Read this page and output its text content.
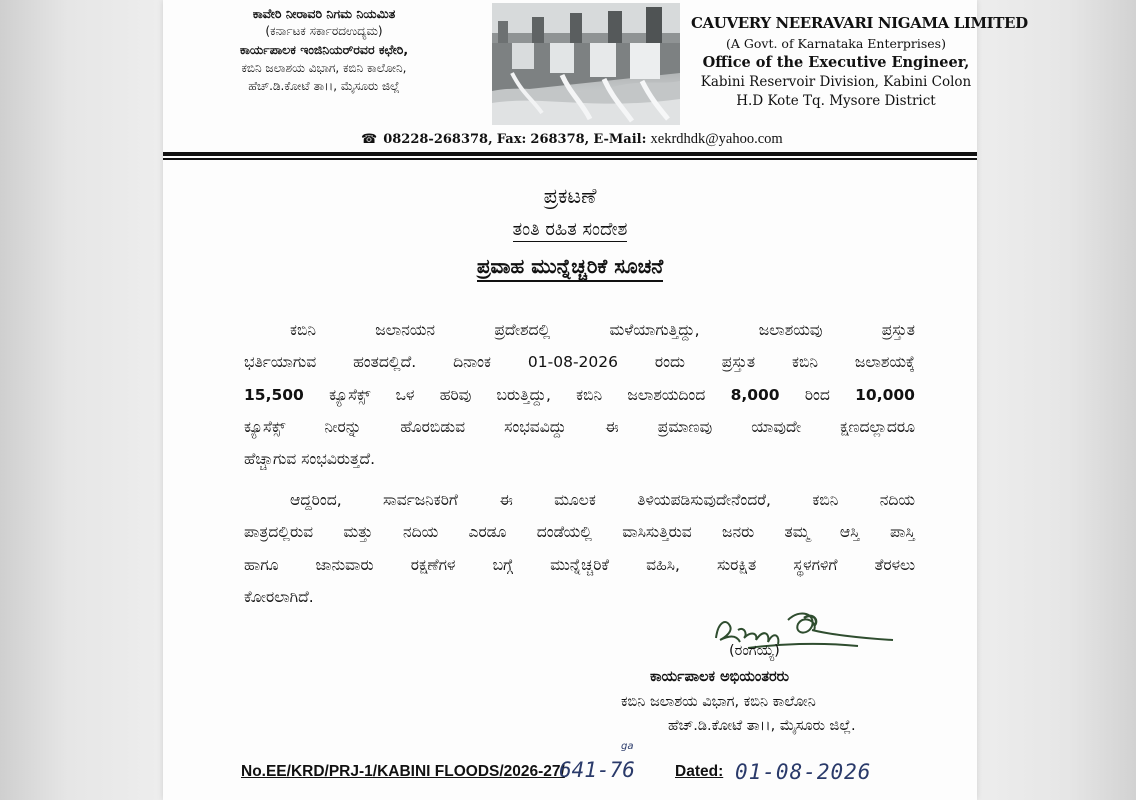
ಕಾವೇರಿ ನೀರಾವರಿ ನಿಗಮ ನಿಯಮಿತ
(ಕರ್ನಾಟಕ ಸರ್ಕಾರದಉದ್ಯಮ)
ಕಾರ್ಯಪಾಲಕ ಇಂಜಿನಿಯರ್‌ರವರ ಕಛೇರಿ,
ಕಬಿನಿ ಜಲಾಶಯ ವಿಭಾಗ, ಕಬಿನಿ ಕಾಲೋನಿ,
ಹೆಚ್.ಡಿ.ಕೋಟೆ ತಾ।।, ಮೈಸೂರು ಜಿಲ್ಲೆ
CAUVERY NEERAVARI NIGAMA LIMITED
(A Govt. of Karnataka Enterprises)
Office of the Executive Engineer,
Kabini Reservoir Division, Kabini Colon
H.D Kote Tq. Mysore District
☎ 08228-268378, Fax: 268378, E-Mail: xekrdhdk@yahoo.com
ಪ್ರಕಟಣೆ
ತಂತಿ ರಹಿತ ಸಂದೇಶ
ಪ್ರವಾಹ ಮುನ್ನೆಚ್ಚರಿಕೆ ಸೂಚನೆ
ಕಬಿನಿ ಜಲಾನಯನ ಪ್ರದೇಶದಲ್ಲಿ ಮಳೆಯಾಗುತ್ತಿದ್ದು, ಜಲಾಶಯವು ಪ್ರಸ್ತುತ
ಭರ್ತಿಯಾಗುವ ಹಂತದಲ್ಲಿದೆ. ದಿನಾಂಕ 01-08-2026 ರಂದು ಪ್ರಸ್ತುತ ಕಬಿನಿ ಜಲಾಶಯಕ್ಕೆ
15,500 ಕ್ಯೂಸೆಕ್ಸ್ ಒಳ ಹರಿವು ಬರುತ್ತಿದ್ದು, ಕಬಿನಿ ಜಲಾಶಯದಿಂದ 8,000 ರಿಂದ 10,000
ಕ್ಯೂಸೆಕ್ಸ್ ನೀರನ್ನು ಹೊರಬಿಡುವ ಸಂಭವವಿದ್ದು ಈ ಪ್ರಮಾಣವು ಯಾವುದೇ ಕ್ಷಣದಲ್ಲಾದರೂ
ಹೆಚ್ಚಾಗುವ ಸಂಭವಿರುತ್ತದೆ.
ಆದ್ದರಿಂದ, ಸಾರ್ವಜನಿಕರಿಗೆ ಈ ಮೂಲಕ ತಿಳಿಯಪಡಿಸುವುದೇನೆಂದರೆ, ಕಬಿನಿ ನದಿಯ
ಪಾತ್ರದಲ್ಲಿರುವ ಮತ್ತು ನದಿಯ ಎರಡೂ ದಂಡೆಯಲ್ಲಿ ವಾಸಿಸುತ್ತಿರುವ ಜನರು ತಮ್ಮ ಆಸ್ತಿ ಪಾಸ್ತಿ
ಹಾಗೂ ಜಾನುವಾರು ರಕ್ಷಣೆಗಳ ಬಗ್ಗೆ ಮುನ್ನೆಚ್ಚರಿಕೆ ವಹಿಸಿ, ಸುರಕ್ಷಿತ ಸ್ಥಳಗಳಿಗೆ ತೆರಳಲು
ಕೋರಲಾಗಿದೆ.
(ರಂಗಯ್ಯ)
ಕಾರ್ಯಪಾಲಕ ಅಭಿಯಂತರರು
ಕಬಿನಿ ಜಲಾಶಯ ವಿಭಾಗ, ಕಬಿನಿ ಕಾಲೋನಿ
ಹೆಚ್.ಡಿ.ಕೋಟೆ ತಾ।।, ಮೈಸೂರು ಜಿಲ್ಲೆ.
No.EE/KRD/PRJ-1/KABINI FLOODS/2026-27/
ga
641-76	Dated: 01-08-2026
